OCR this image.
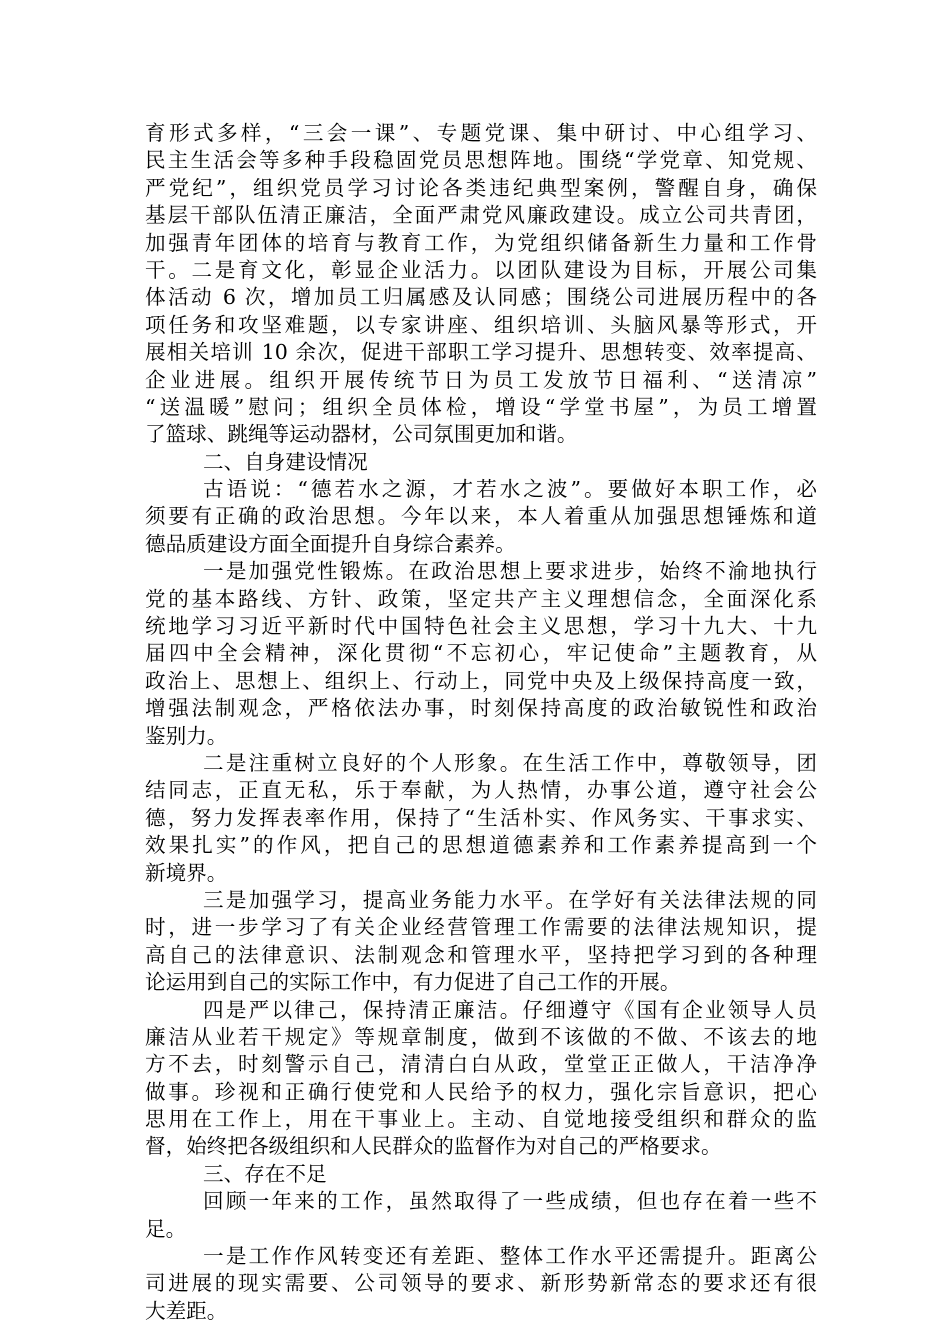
育形式多样，“三会一课”、专题党课、集中研讨、中心组学习、
民主生活会等多种手段稳固党员思想阵地。围绕“学党章、知党规、
严党纪”，组织党员学习讨论各类违纪典型案例，警醒自身，确保
基层干部队伍清正廉洁，全面严肃党风廉政建设。成立公司共青团，
加强青年团体的培育与教育工作，为党组织储备新生力量和工作骨
干。二是育文化，彰显企业活力。以团队建设为目标，开展公司集
体活动 6 次，增加员工归属感及认同感；围绕公司进展历程中的各
项任务和攻坚难题，以专家讲座、组织培训、头脑风暴等形式，开
展相关培训 10 余次，促进干部职工学习提升、思想转变、效率提高、
企业进展。组织开展传统节日为员工发放节日福利、“送清凉”
“送温暖”慰问；组织全员体检，增设“学堂书屋”，为员工增置
了篮球、跳绳等运动器材，公司氛围更加和谐。
二、自身建设情况
古语说：“德若水之源，才若水之波”。要做好本职工作，必
须要有正确的政治思想。今年以来，本人着重从加强思想锤炼和道
德品质建设方面全面提升自身综合素养。
一是加强党性锻炼。在政治思想上要求进步，始终不渝地执行
党的基本路线、方针、政策，坚定共产主义理想信念，全面深化系
统地学习习近平新时代中国特色社会主义思想，学习十九大、十九
届四中全会精神，深化贯彻“不忘初心，牢记使命”主题教育，从
政治上、思想上、组织上、行动上，同党中央及上级保持高度一致，
增强法制观念，严格依法办事，时刻保持高度的政治敏锐性和政治
鉴别力。
二是注重树立良好的个人形象。在生活工作中，尊敬领导，团
结同志，正直无私，乐于奉献，为人热情，办事公道，遵守社会公
德，努力发挥表率作用，保持了“生活朴实、作风务实、干事求实、
效果扎实”的作风，把自己的思想道德素养和工作素养提高到一个
新境界。
三是加强学习，提高业务能力水平。在学好有关法律法规的同
时，进一步学习了有关企业经营管理工作需要的法律法规知识，提
高自己的法律意识、法制观念和管理水平，坚持把学习到的各种理
论运用到自己的实际工作中，有力促进了自己工作的开展。
四是严以律己，保持清正廉洁。仔细遵守《国有企业领导人员
廉洁从业若干规定》等规章制度，做到不该做的不做、不该去的地
方不去，时刻警示自己，清清白白从政，堂堂正正做人，干洁净净
做事。珍视和正确行使党和人民给予的权力，强化宗旨意识，把心
思用在工作上，用在干事业上。主动、自觉地接受组织和群众的监
督，始终把各级组织和人民群众的监督作为对自己的严格要求。
三、存在不足
回顾一年来的工作，虽然取得了一些成绩，但也存在着一些不
足。
一是工作作风转变还有差距、整体工作水平还需提升。距离公
司进展的现实需要、公司领导的要求、新形势新常态的要求还有很
大差距。
